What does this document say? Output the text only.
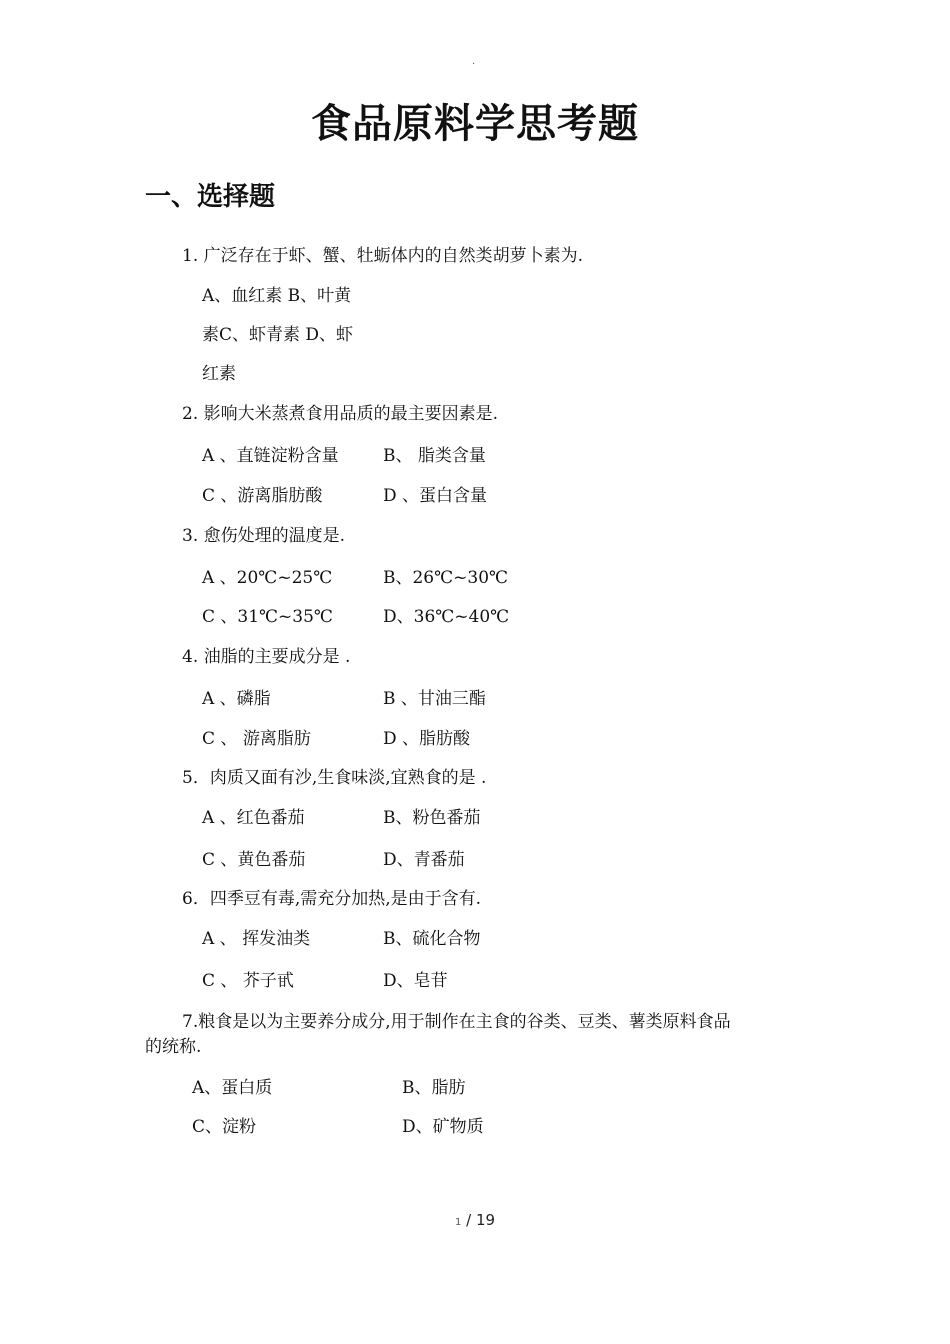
.
食品原料学思考题
一、选择题
1. 广泛存在于虾、蟹、牡蛎体内的自然类胡萝卜素为.
A、血红素 B、叶黄
素C、虾青素 D、虾
红素
2. 影响大米蒸煮食用品质的最主要因素是.
A 、直链淀粉含量	B、 脂类含量
C 、游离脂肪酸	D 、蛋白含量
3. 愈伤处理的温度是.
A 、20℃~25℃	B、26℃~30℃
C 、31℃~35℃	D、36℃~40℃
4. 油脂的主要成分是 .
A 、磷脂	B 、甘油三酯
C 、 游离脂肪	D 、脂肪酸
5．肉质又面有沙,生食味淡,宜熟食的是 .
A 、红色番茄	B、粉色番茄
C 、黄色番茄	D、青番茄
6．四季豆有毒,需充分加热,是由于含有.
A 、 挥发油类	B、硫化合物
C 、 芥子甙	D、皂苷
7.粮食是以为主要养分成分,用于制作在主食的谷类、豆类、薯类原料食品
的统称.
A、蛋白质	B、脂肪
C、淀粉	D、矿物质
1 / 19
